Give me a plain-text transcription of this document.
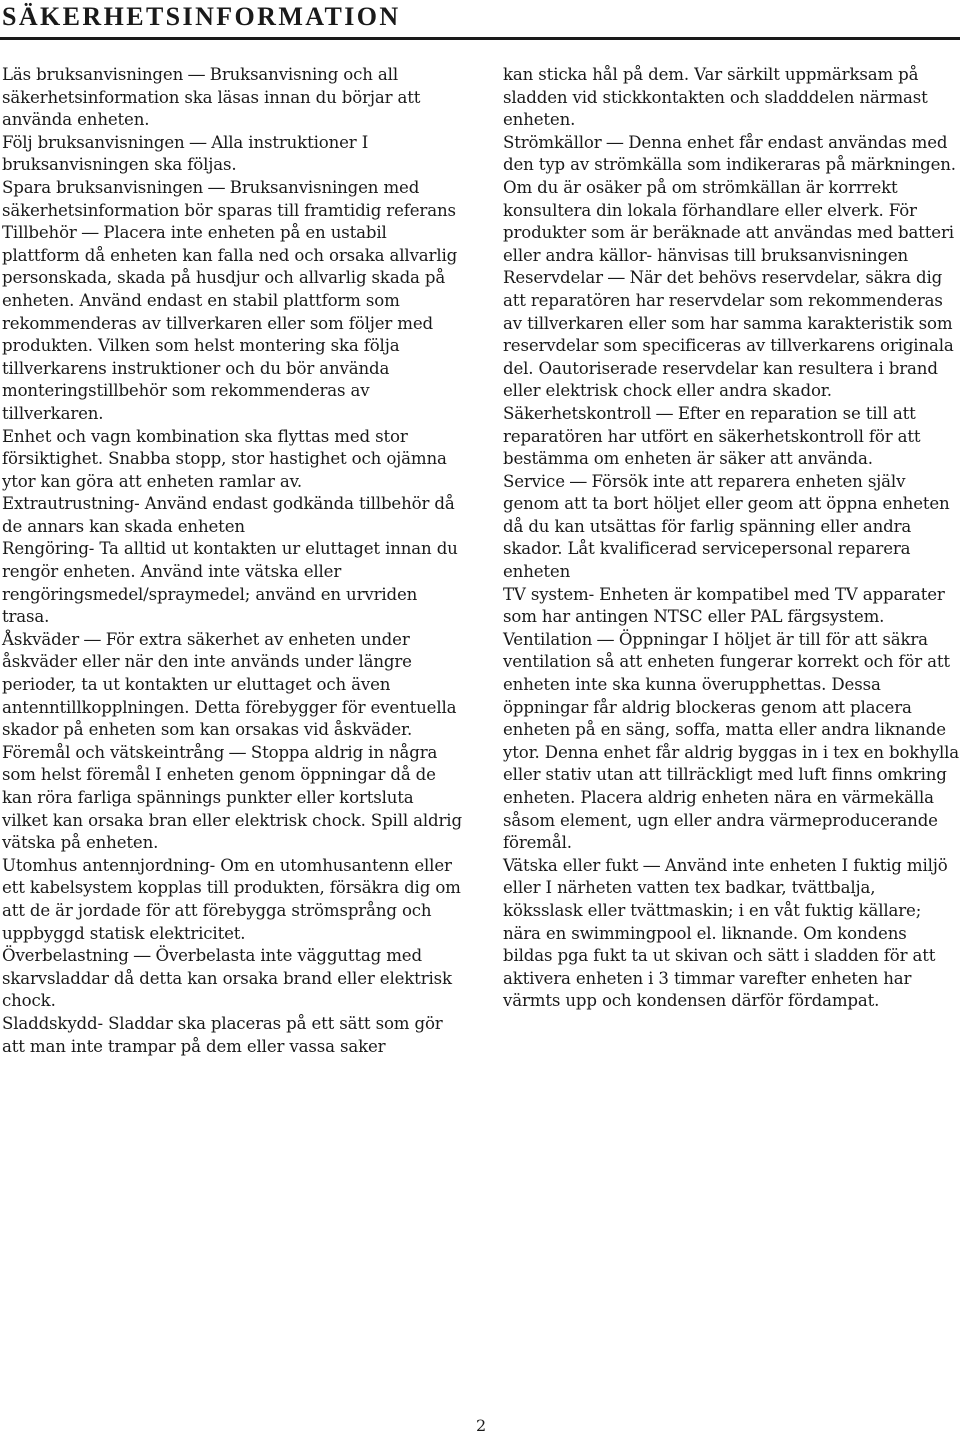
SÄKERHETSINFORMATION

Läs bruksanvisningen ― Bruksanvisning och all säkerhetsinformation ska läsas innan du börjar att använda enheten.

Följ bruksanvisningen ― Alla instruktioner I bruksanvisningen ska följas.

Spara bruksanvisningen ― Bruksanvisningen med säkerhetsinformation bör sparas till framtidig referans

Tillbehör ― Placera inte enheten på en ustabil plattform då enheten kan falla ned och orsaka allvarlig personskada, skada på husdjur och allvarlig skada på enheten. Använd endast en stabil plattform som rekommenderas av tillverkaren eller som följer med produkten. Vilken som helst montering ska följa tillverkarens instruktioner och du bör använda monteringstillbehör som rekommenderas av tillverkaren.

Enhet och vagn kombination ska flyttas med stor försiktighet. Snabba stopp, stor hastighet och ojämna ytor kan göra att enheten ramlar av.

Extrautrustning- Använd endast godkända tillbehör då de annars kan skada enheten

Rengöring- Ta alltid ut kontakten ur eluttaget innan du rengör enheten. Använd inte vätska eller rengöringsmedel/spraymedel; använd en urvriden trasa.

Åskväder ― För extra säkerhet av enheten under åskväder eller när den inte används under längre perioder, ta ut kontakten ur eluttaget och även antenntillkopplningen. Detta förebygger för eventuella skador på enheten som kan orsakas vid åskväder.

Föremål och vätskeintrång ― Stoppa aldrig in några som helst föremål I enheten genom öppningar då de kan röra farliga spännings punkter eller kortsluta vilket kan orsaka bran eller elektrisk chock. Spill aldrig vätska på enheten.

Utomhus antennjordning- Om en utomhusantenn eller ett kabelsystem kopplas till produkten, försäkra dig om att de är jordade för att förebygga strömsprång och uppbyggd statisk elektricitet.

Överbelastning ― Överbelasta inte vägguttag med skarvsladdar då detta kan orsaka brand eller elektrisk chock.

Sladdskydd- Sladdar ska placeras på ett sätt som gör att man inte trampar på dem eller vassa saker

kan sticka hål på dem. Var särkilt uppmärksam på sladden vid stickkontakten och sladddelen närmast enheten.

Strömkällor ― Denna enhet får endast användas med den typ av strömkälla som indikeraras på märkningen. Om du är osäker på om strömkällan är korrrekt konsultera din lokala förhandlare eller elverk. För produkter som är beräknade att användas med batteri eller andra källor- hänvisas till bruksanvisningen

Reservdelar ― När det behövs reservdelar, säkra dig att reparatören har reservdelar som rekommenderas av tillverkaren eller som har samma karakteristik som reservdelar som specificeras av tillverkarens originala del. Oautoriserade reservdelar kan resultera i brand eller elektrisk chock eller andra skador.

Säkerhetskontroll ― Efter en reparation se till att reparatören har utfört en säkerhetskontroll för att bestämma om enheten är säker att använda.

Service ― Försök inte att reparera enheten själv genom att ta bort höljet eller geom att öppna enheten då du kan utsättas för farlig spänning eller andra skador. Låt kvalificerad servicepersonal reparera enheten

TV system- Enheten är kompatibel med TV apparater som har antingen NTSC eller PAL färgsystem.

Ventilation ― Öppningar I höljet är till för att säkra ventilation så att enheten fungerar korrekt och för att enheten inte ska kunna överupphettas. Dessa öppningar får aldrig blockeras genom att placera enheten på en säng, soffa, matta eller andra liknande ytor. Denna enhet får aldrig byggas in i tex en bokhylla eller stativ utan att tillräckligt med luft finns omkring enheten. Placera aldrig enheten nära en värmekälla såsom element, ugn eller andra värmeproducerande föremål.

Vätska eller fukt ― Använd inte enheten I fuktig miljö eller I närheten vatten tex badkar, tvättbalja, köksslask eller tvättmaskin; i en våt fuktig källare; nära en swimmingpool el. liknande. Om kondens bildas pga fukt ta ut skivan och sätt i sladden för att aktivera enheten i 3 timmar varefter enheten har värmts upp och kondensen därför fördampat.

2
